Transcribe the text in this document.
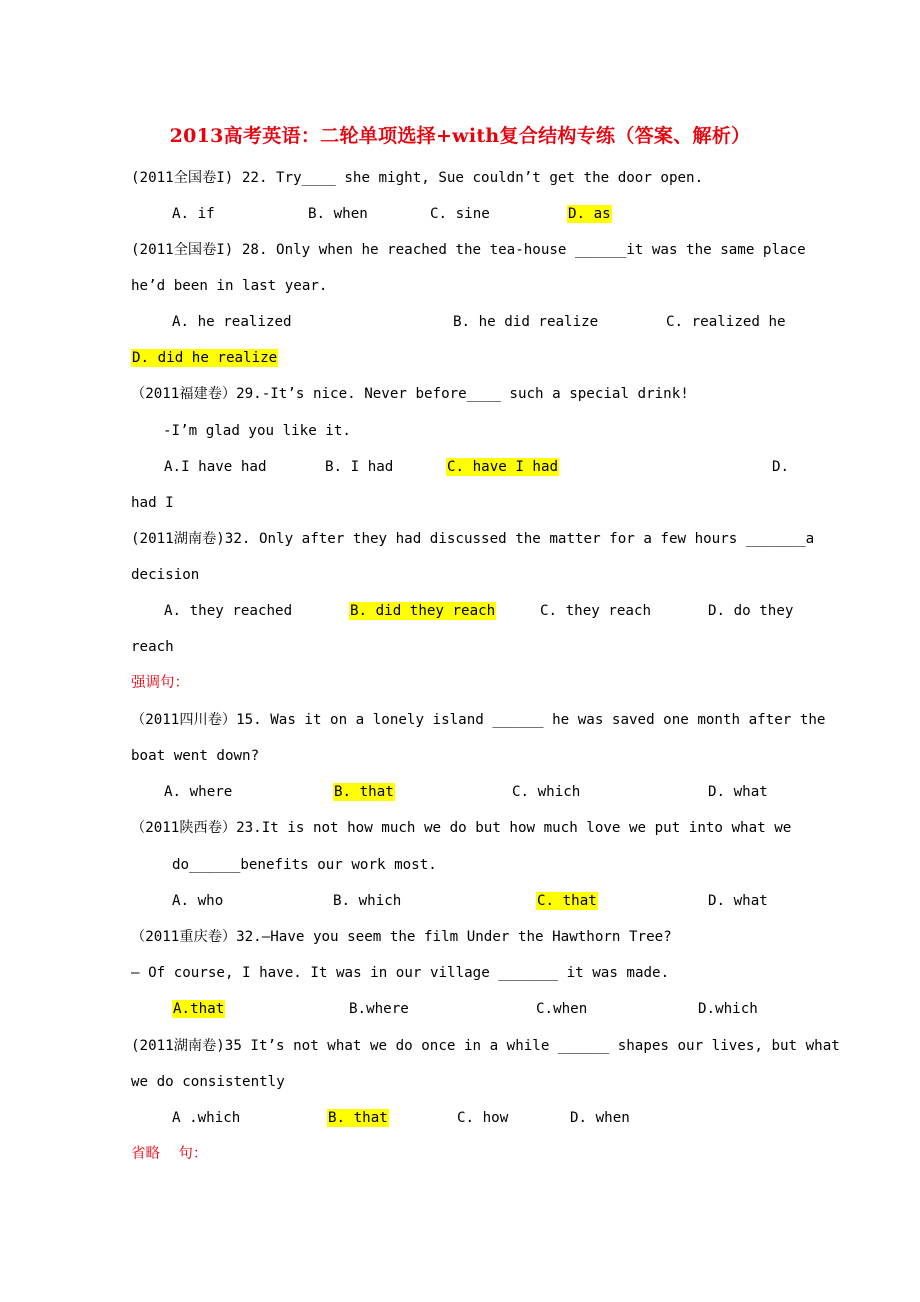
2013高考英语：二轮单项选择+with复合结构专练（答案、解析）
(2011全国卷I) 22. Try____ she might, Sue couldn’t get the door open.
A. if	B. when	C. sine	D. as
(2011全国卷I) 28. Only when he reached the tea-house ______it was the same place
he’d been in last year.
A. he realized	B. he did realize	C. realized he
D. did he realize
（2011福建卷）29.-It’s nice. Never before____ such a special drink!
-I’m glad you like it.
A.I have had	B. I had	C. have I had	D.
had I
(2011湖南卷)32. Only after they had discussed the matter for a few hours _______a
decision
A. they reached	B. did they reach	C. they reach	D. do they
reach
强调句：
（2011四川卷）15. Was it on a lonely island ______ he was saved one month after the
boat went down?
A. where	B. that	C. which	D. what
（2011陕西卷）23.It is not how much we do but how much love we put into what we
do______benefits our work most.
A. who	B. which	C. that	D. what
（2011重庆卷）32.—Have you seem the film Under the Hawthorn Tree?
— Of course, I have. It was in our village _______ it was made.
A.that	B.where	C.when	D.which
(2011湖南卷)35 It’s not what we do once in a while ______ shapes our lives, but what
we do consistently
A .which	B. that	C. how	D. when
省略    句：
